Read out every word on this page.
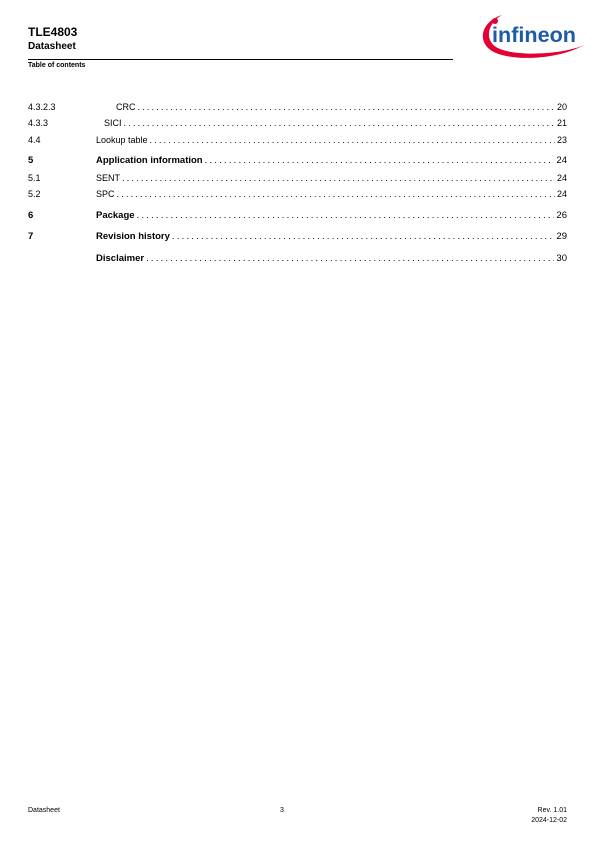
TLE4803
Datasheet
Table of contents
infineon
4.3.2.3	CRC .....	20
4.3.3	SICI .....	21
4.4	Lookup table .....	23
5	Application information .....	24
5.1	SENT .....	24
5.2	SPC .....	24
6	Package .....	26
7	Revision history .....	29
Disclaimer .....	30
Datasheet	3	Rev. 1.01
2024-12-02
